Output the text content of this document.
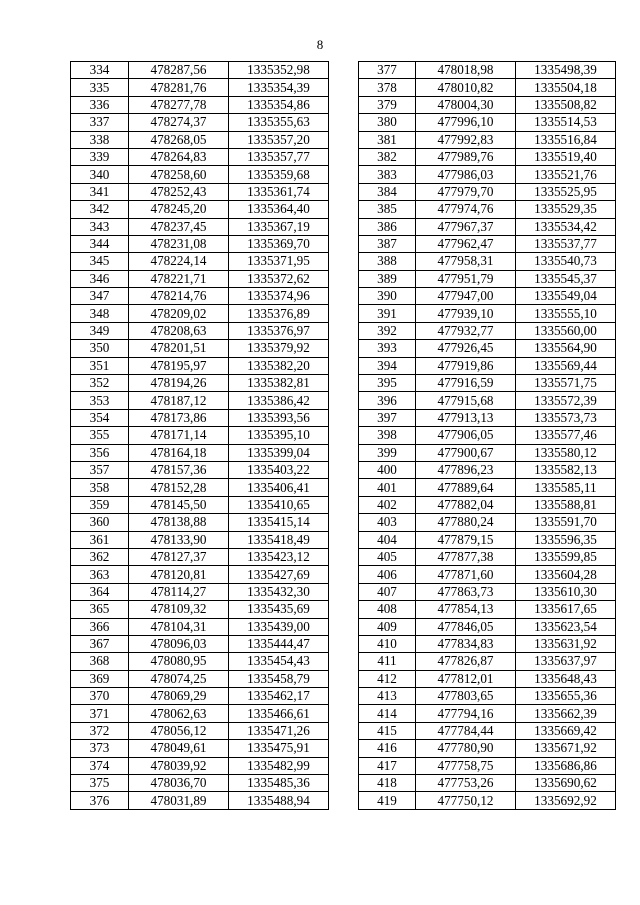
8
334	478287,56	1335352,98
335	478281,76	1335354,39
336	478277,78	1335354,86
337	478274,37	1335355,63
338	478268,05	1335357,20
339	478264,83	1335357,77
340	478258,60	1335359,68
341	478252,43	1335361,74
342	478245,20	1335364,40
343	478237,45	1335367,19
344	478231,08	1335369,70
345	478224,14	1335371,95
346	478221,71	1335372,62
347	478214,76	1335374,96
348	478209,02	1335376,89
349	478208,63	1335376,97
350	478201,51	1335379,92
351	478195,97	1335382,20
352	478194,26	1335382,81
353	478187,12	1335386,42
354	478173,86	1335393,56
355	478171,14	1335395,10
356	478164,18	1335399,04
357	478157,36	1335403,22
358	478152,28	1335406,41
359	478145,50	1335410,65
360	478138,88	1335415,14
361	478133,90	1335418,49
362	478127,37	1335423,12
363	478120,81	1335427,69
364	478114,27	1335432,30
365	478109,32	1335435,69
366	478104,31	1335439,00
367	478096,03	1335444,47
368	478080,95	1335454,43
369	478074,25	1335458,79
370	478069,29	1335462,17
371	478062,63	1335466,61
372	478056,12	1335471,26
373	478049,61	1335475,91
374	478039,92	1335482,99
375	478036,70	1335485,36
376	478031,89	1335488,94
377	478018,98	1335498,39
378	478010,82	1335504,18
379	478004,30	1335508,82
380	477996,10	1335514,53
381	477992,83	1335516,84
382	477989,76	1335519,40
383	477986,03	1335521,76
384	477979,70	1335525,95
385	477974,76	1335529,35
386	477967,37	1335534,42
387	477962,47	1335537,77
388	477958,31	1335540,73
389	477951,79	1335545,37
390	477947,00	1335549,04
391	477939,10	1335555,10
392	477932,77	1335560,00
393	477926,45	1335564,90
394	477919,86	1335569,44
395	477916,59	1335571,75
396	477915,68	1335572,39
397	477913,13	1335573,73
398	477906,05	1335577,46
399	477900,67	1335580,12
400	477896,23	1335582,13
401	477889,64	1335585,11
402	477882,04	1335588,81
403	477880,24	1335591,70
404	477879,15	1335596,35
405	477877,38	1335599,85
406	477871,60	1335604,28
407	477863,73	1335610,30
408	477854,13	1335617,65
409	477846,05	1335623,54
410	477834,83	1335631,92
411	477826,87	1335637,97
412	477812,01	1335648,43
413	477803,65	1335655,36
414	477794,16	1335662,39
415	477784,44	1335669,42
416	477780,90	1335671,92
417	477758,75	1335686,86
418	477753,26	1335690,62
419	477750,12	1335692,92
